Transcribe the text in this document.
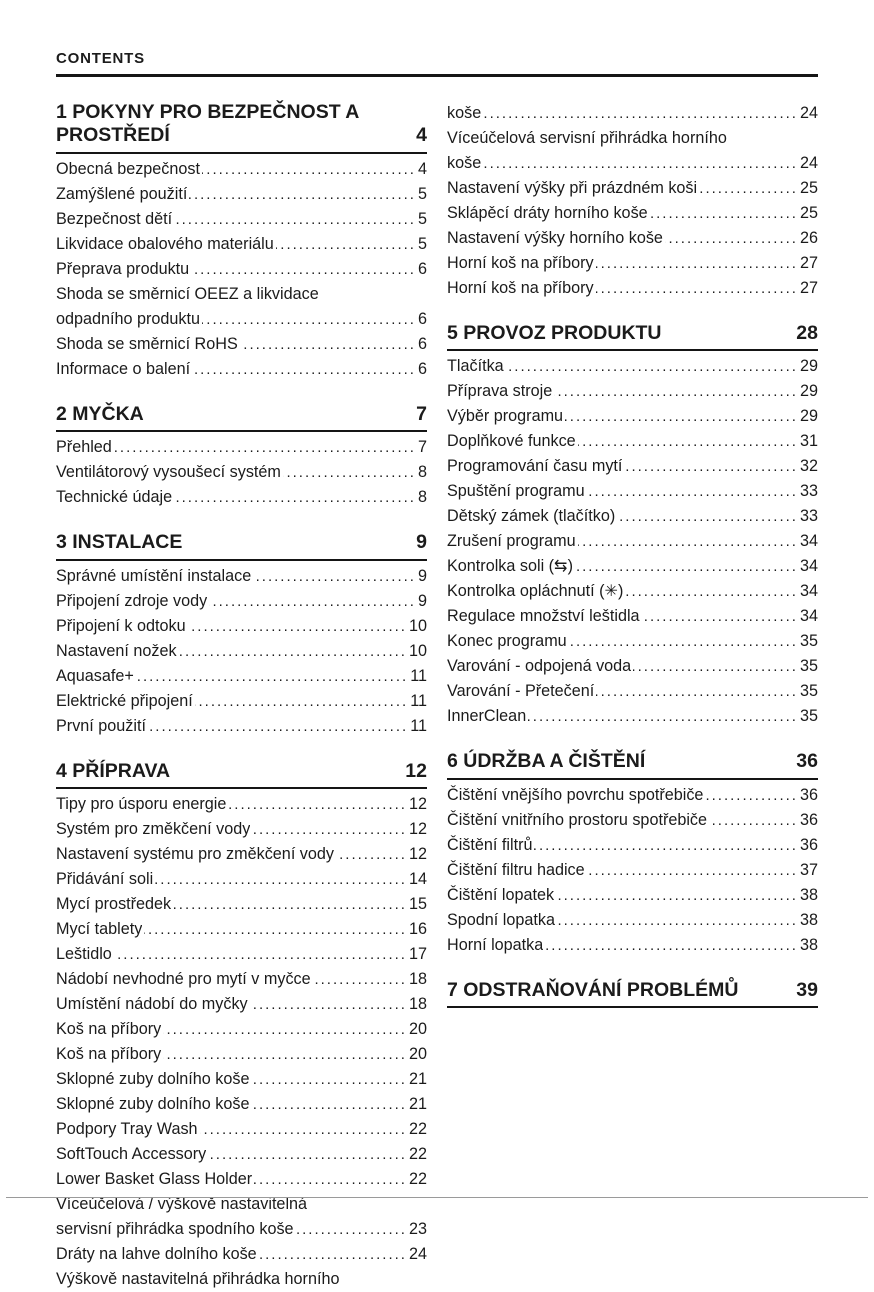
CONTENTS
1 POKYNY PRO BEZPEČNOST A PROSTŘEDÍ	4
Obecná bezpečnost .....	4
Zamýšlené použití .....	5
Bezpečnost dětí .....	5
Likvidace obalového materiálu .....	5
Přeprava produktu .....	6
Shoda se směrnicí OEEZ a likvidace
odpadního produktu .....	6
Shoda se směrnicí RoHS .....	6
Informace o balení .....	6
2 MYČKA	7
Přehled .....	7
Ventilátorový vysoušecí systém .....	8
Technické údaje .....	8
3 INSTALACE	9
Správné umístění instalace .....	9
Připojení zdroje vody .....	9
Připojení k odtoku .....	10
Nastavení nožek .....	10
Aquasafe+ .....	11
Elektrické připojení .....	11
První použití .....	11
4 PŘÍPRAVA	12
Tipy pro úsporu energie .....	12
Systém pro změkčení vody .....	12
Nastavení systému pro změkčení vody .....	12
Přidávání soli .....	14
Mycí prostředek .....	15
Mycí tablety .....	16
Leštidlo .....	17
Nádobí nevhodné pro mytí v myčce .....	18
Umístění nádobí do myčky .....	18
Koš na příbory .....	20
Koš na příbory .....	20
Sklopné zuby dolního koše .....	21
Sklopné zuby dolního koše .....	21
Podpory Tray Wash .....	22
SoftTouch Accessory .....	22
Lower Basket Glass Holder .....	22
Víceúčelová / výškově nastavitelná
servisní přihrádka spodního koše .....	23
Dráty na lahve dolního koše .....	24
Výškově nastavitelná přihrádka horního
koše .....	24
Víceúčelová servisní přihrádka horního
koše .....	24
Nastavení výšky při prázdném koši .....	25
Sklápěcí dráty horního koše .....	25
Nastavení výšky horního koše .....	26
Horní koš na příbory .....	27
Horní koš na příbory .....	27
5 PROVOZ PRODUKTU	28
Tlačítka .....	29
Příprava stroje .....	29
Výběr programu .....	29
Doplňkové funkce .....	31
Programování času mytí .....	32
Spuštění programu .....	33
Dětský zámek (tlačítko) .....	33
Zrušení programu .....	34
Kontrolka soli (⇆) .....	34
Kontrolka opláchnutí (✳) .....	34
Regulace množství leštidla .....	34
Konec programu .....	35
Varování - odpojená voda .....	35
Varování - Přetečení .....	35
InnerClean .....	35
6 ÚDRŽBA A ČIŠTĚNÍ	36
Čištění vnějšího povrchu spotřebiče .....	36
Čištění vnitřního prostoru spotřebiče .....	36
Čištění filtrů .....	36
Čištění filtru hadice .....	37
Čištění lopatek .....	38
Spodní lopatka .....	38
Horní lopatka .....	38
7 ODSTRAŇOVÁNÍ PROBLÉMŮ	39
